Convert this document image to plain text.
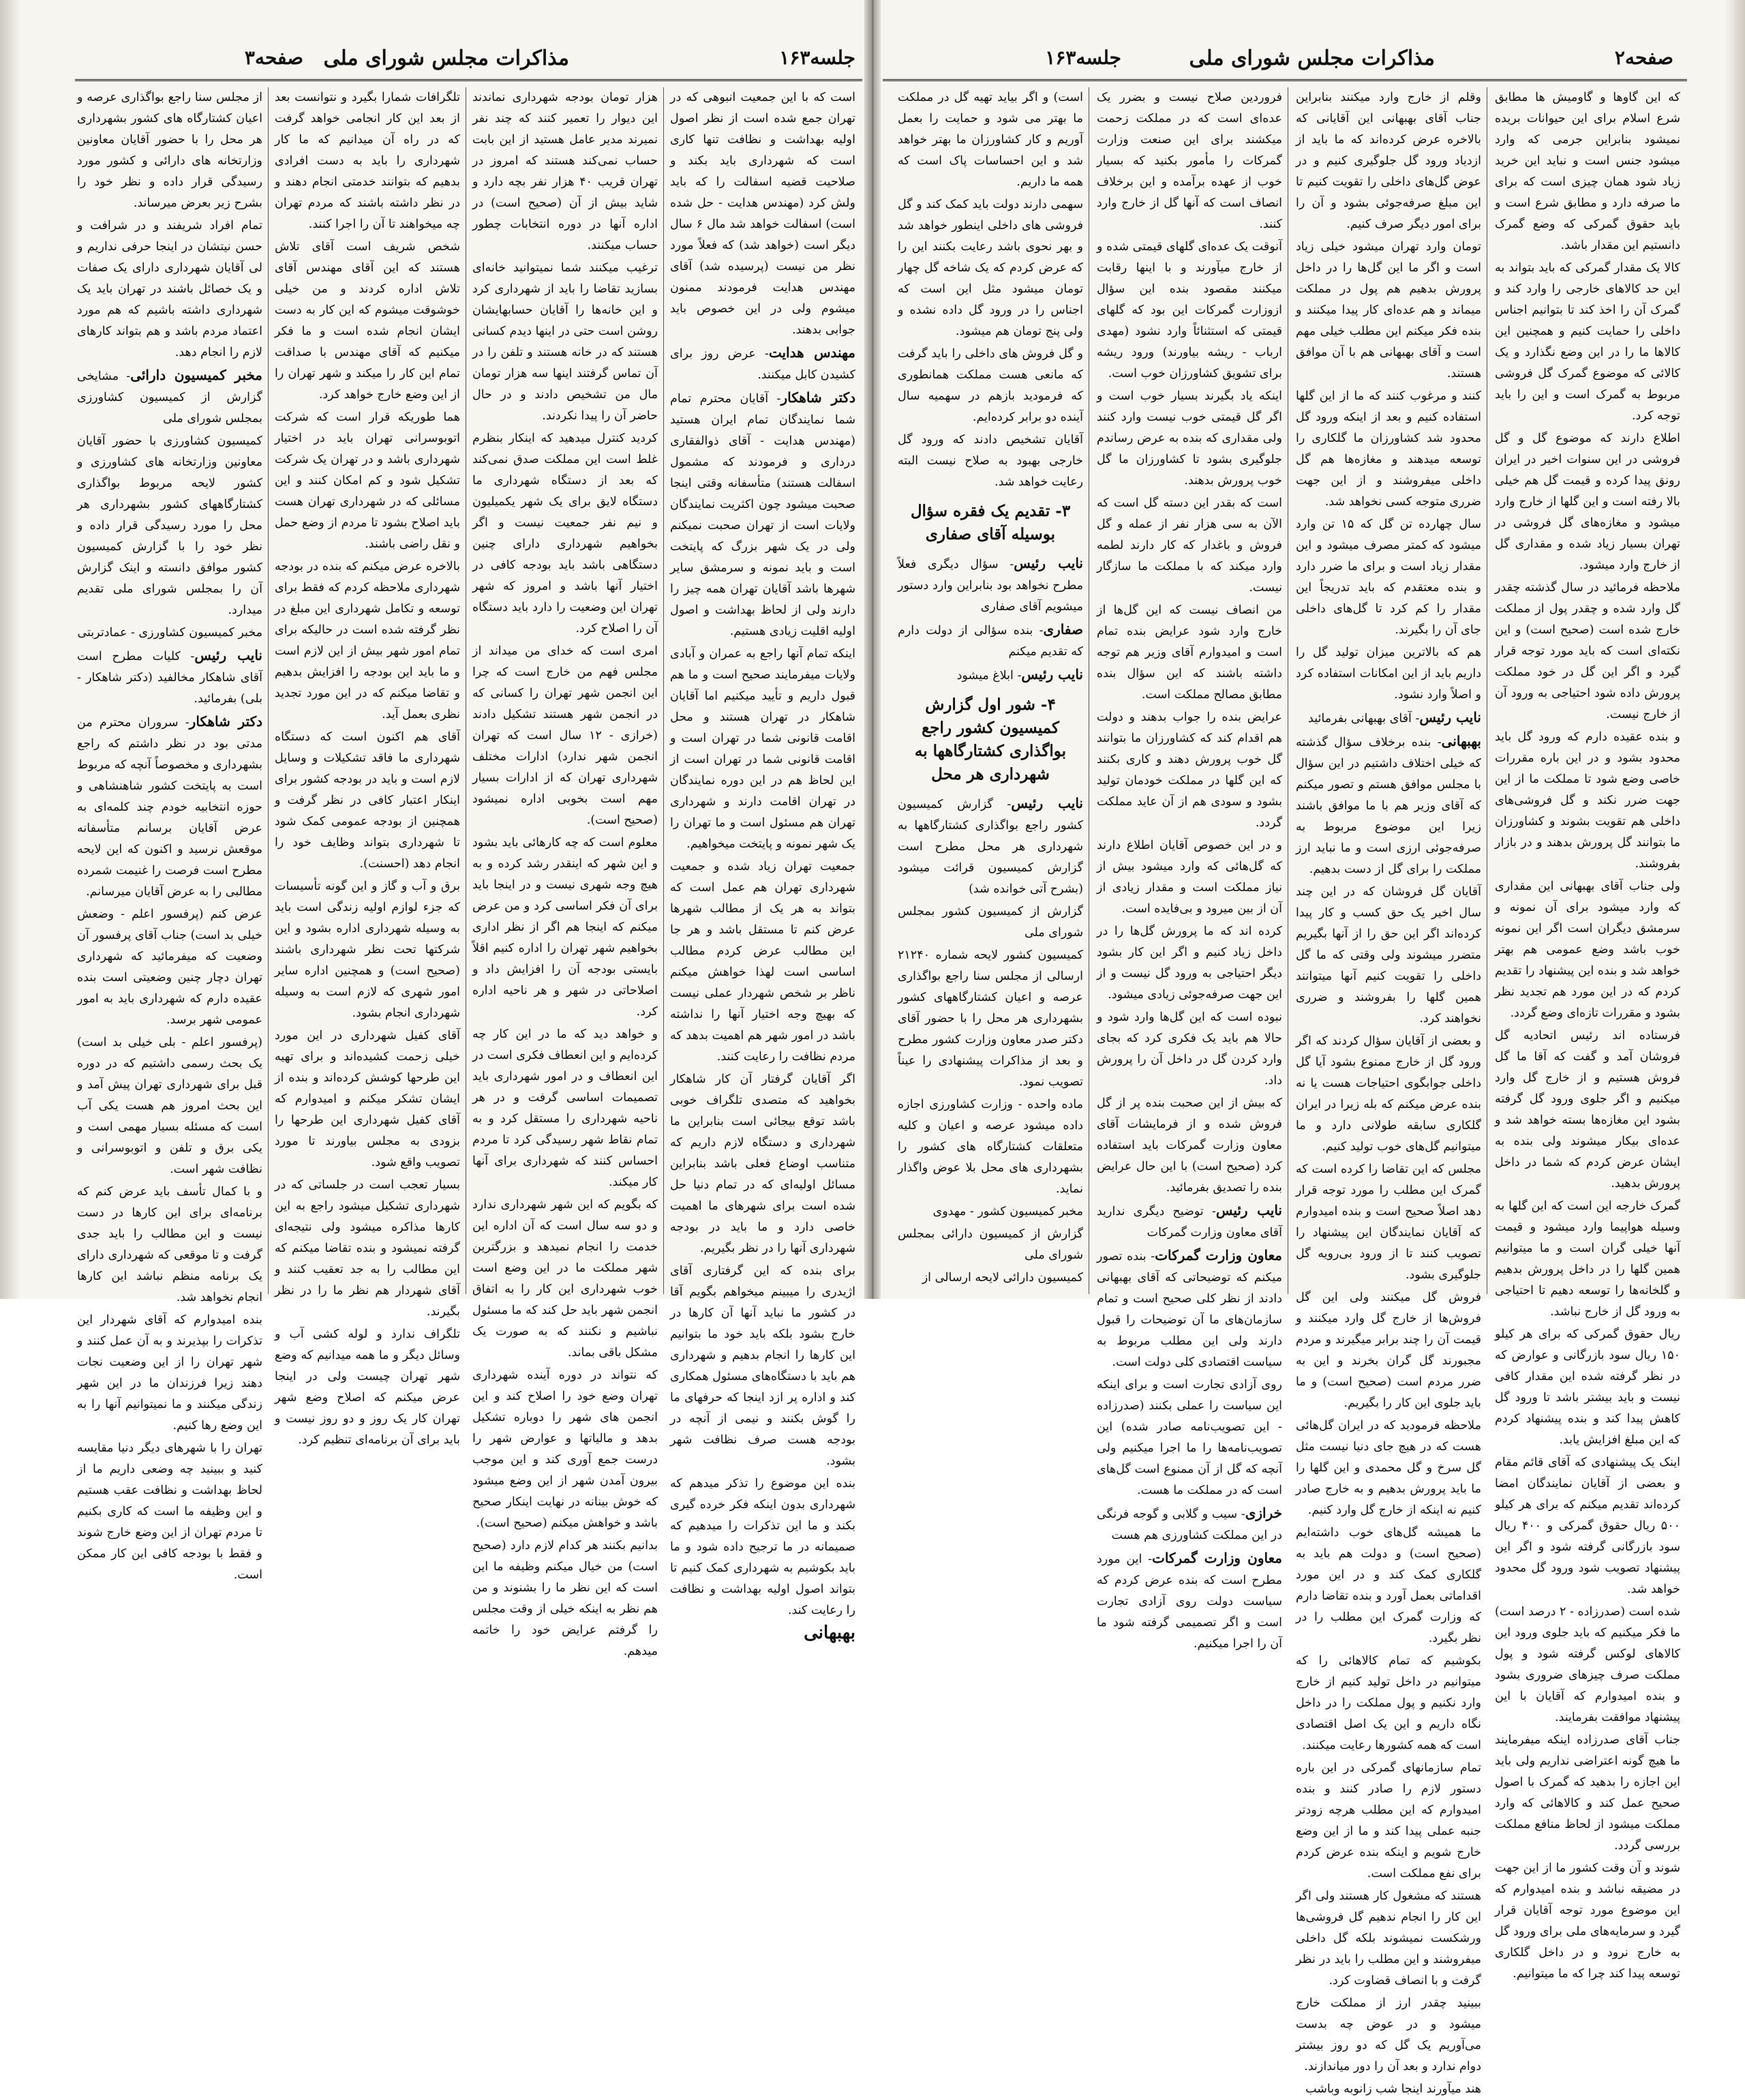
جلسه۱۶۳
مذاکرات مجلس شورای ملی
صفحه۳

است که با این جمعیت انبوهی که در تهران جمع شده است از نظر اصول اولیه بهداشت و نظافت تنها کاری است که شهرداری باید بکند و صلاحیت قضیه اسفالت را که باید ولش کرد (مهندس هدایت - حل شده است) اسفالت خواهد شد مال ۶ سال دیگر است (خواهد شد) که فعلاً مورد نظر من نیست (پرسیده شد) آقای مهندس هدایت فرمودند ممنون میشوم ولی در این خصوص باید جوابی بدهند.

مهندس هدایت- عرض روز برای کشیدن کابل میکنند.

دکتر شاهکار- آقایان محترم تمام شما نمایندگان تمام ایران هستید (مهندس هدایت - آقای ذوالفقاری درداری و فرمودند که مشمول اسفالت هستند) متأسفانه وقتی اینجا صحبت میشود چون اکثریت نمایندگان ولایات است از تهران صحبت نمیکنم ولی در یک شهر بزرگ که پایتخت است و باید نمونه و سرمشق سایر شهرها باشد آقایان تهران همه چیز را دارند ولی از لحاظ بهداشت و اصول اولیه اقلیت زیادی هستیم.

اینکه تمام آنها راجع به عمران و آبادی ولایات میفرمایند صحیح است و ما هم قبول داریم و تأیید میکنیم اما آقایان شاهکار در تهران هستند و محل اقامت قانونی شما در تهران است و اقامت قانونی شما در تهران است از این لحاظ هم در این دوره نمایندگان در تهران اقامت دارند و شهرداری تهران هم مسئول است و ما تهران را یک شهر نمونه و پایتخت میخواهیم.

جمعیت تهران زیاد شده و جمعیت شهرداری تهران هم عمل است که بتواند به هر یک از مطالب شهرها عرض کنم تا مستقل باشد و هر جا این مطالب عرض کردم مطالب اساسی است لهذا خواهش میکنم ناظر بر شخص شهردار عملی نیست که بهیچ وجه اختیار آنها را نداشته باشد در امور شهر هم اهمیت بدهد که مردم نظافت را رعایت کنند.

اگر آقایان گرفتار آن کار شاهکار بخواهید که متصدی تلگراف خوبی باشد توقع بیجائی است بنابراین ما شهرداری و دستگاه لازم داریم که متناسب اوضاع فعلی باشد بنابراین مسائل اولیه‌ای که در تمام دنیا حل شده است برای شهرهای ما اهمیت خاصی دارد و ما باید در بودجه شهرداری آنها را در نظر بگیریم.

برای بنده که این گرفتاری آقای اژیدری را میبینم میخواهم بگویم آقا در کشور ما نباید آنها آن کارها در خارج بشود بلکه باید خود ما بتوانیم این کارها را انجام بدهیم و شهرداری هم باید با دستگاه‌های مسئول همکاری کند و اداره پر ازد اینجا که حرفهای ما را گوش بکنند و نیمی از آنچه در بودجه هست صرف نظافت شهر بشود.

بنده این موضوع را تذکر میدهم که شهرداری بدون اینکه فکر خرده گیری بکند و ما این تذکرات را میدهیم که صمیمانه در ما ترجیح داده شود و ما باید بکوشیم به شهرداری کمک کنیم تا بتواند اصول اولیه بهداشت و نظافت را رعایت کند.

بهبهانی

هزار تومان بودجه شهرداری نماندند این دیوار را تعمیر کنند که چند نفر نمیرند مدیر عامل هستید از این بابت حساب نمی‌کند هستند که امروز در تهران قریب ۴۰ هزار نفر بچه دارد و شاید بیش از آن (صحیح است) در اداره آنها در دوره انتخابات چطور حساب میکنند.

ترغیب میکنند شما نمیتوانید خانه‌ای بسازید تقاضا را باید از شهرداری کرد و این خانه‌ها را آقایان حسابهایشان روشن است حتی در اینها دیدم کسانی هستند که در خانه هستند و تلفن را در آن تماس گرفتند اینها سه هزار تومان مال من تشخیص دادند و در حال حاضر آن را پیدا نکردند.

کردید کنترل میدهید که اینکار بنظرم غلط است این مملکت صدق نمی‌کند که بعد از دستگاه شهرداری ما دستگاه لایق برای یک شهر یکمیلیون و نیم نفر جمعیت نیست و اگر بخواهیم شهرداری دارای چنین دستگاهی باشد باید بودجه کافی در اختیار آنها باشد و امروز که شهر تهران این وضعیت را دارد باید دستگاه آن را اصلاح کرد.

امری است که خدای من میداند از مجلس فهم من خارج است که چرا این انجمن شهر تهران را کسانی که در انجمن شهر هستند تشکیل دادند (خرازی - ۱۲ سال است که تهران انجمن شهر ندارد) ادارات مختلف شهرداری تهران که از ادارات بسیار مهم است بخوبی اداره نمیشود (صحیح است).

معلوم است که چه کارهائی باید بشود و این شهر که اینقدر رشد کرده و به هیچ وجه شهری نیست و در اینجا باید برای آن فکر اساسی کرد و من عرض میکنم که اینجا هم اگر از نظر اداری بخواهیم شهر تهران را اداره کنیم اقلاً بایستی بودجه آن را افزایش داد و اصلاحاتی در شهر و هر ناحیه اداره کرد.

و خواهد دید که ما در این کار چه کرده‌ایم و این انعطاف فکری است در این انعطاف و در امور شهرداری باید تصمیمات اساسی گرفت و در هر ناحیه شهرداری را مستقل کرد و به تمام نقاط شهر رسیدگی کرد تا مردم احساس کنند که شهرداری برای آنها کار میکند.

که بگویم که این شهر شهرداری ندارد و دو سه سال است که آن اداره این خدمت را انجام نمیدهد و بزرگترین شهر مملکت ما در این وضع است خوب شهرداری این کار را به اتفاق انجمن شهر باید حل کند که ما مسئول نباشیم و نکنند که به صورت یک مشکل باقی بماند.

که نتواند در دوره آینده شهرداری تهران وضع خود را اصلاح کند و این انجمن های شهر را دوباره تشکیل بدهد و مالیاتها و عوارض شهر را درست جمع آوری کند و این موجب بیرون آمدن شهر از این وضع میشود که خوش بینانه در نهایت اینکار صحیح باشد و خواهش میکنم (صحیح است).

بدانیم بکنند هر کدام لازم دارد (صحیح است) من خیال میکنم وظیفه ما این است که این نظر ما را بشنوند و من هم نظر به اینکه خیلی از وقت مجلس را گرفتم عرایض خود را خاتمه میدهم.

تلگرافات شمارا بگیرد و نتوانست بعد از بعد این کار انجامی خواهد گرفت که در راه آن میدانیم که ما کار شهرداری را باید به دست افرادی بدهیم که بتوانند خدمتی انجام دهند و در نظر داشته باشند که مردم تهران چه میخواهند تا آن را اجرا کنند.

شخص شریف است آقای تلاش هستند که این آقای مهندس آقای تلاش اداره کردند و من خیلی خوشوقت میشوم که این کار به دست ایشان انجام شده است و ما فکر میکنیم که آقای مهندس با صداقت تمام این کار را میکند و شهر تهران را از این وضع خارج خواهد کرد.

هما طوریکه قرار است که شرکت اتوبوسرانی تهران باید در اختیار شهرداری باشد و در تهران یک شرکت تشکیل شود و کم امکان کنند و این مسائلی که در شهرداری تهران هست باید اصلاح بشود تا مردم از وضع حمل و نقل راضی باشند.

بالاخره عرض میکنم که بنده در بودجه شهرداری ملاحظه کردم که فقط برای توسعه و تکامل شهرداری این مبلغ در نظر گرفته شده است در حالیکه برای تمام امور شهر بیش از این لازم است و ما باید این بودجه را افزایش بدهیم و تقاضا میکنم که در این مورد تجدید نظری بعمل آید.

آقای هم اکنون است که دستگاه شهرداری ما فاقد تشکیلات و وسایل لازم است و باید در بودجه کشور برای اینکار اعتبار کافی در نظر گرفت و همچنین از بودجه عمومی کمک شود تا شهرداری بتواند وظایف خود را انجام دهد (احسنت).

برق و آب و گاز و این گونه تأسیسات که جزء لوازم اولیه زندگی است باید به وسیله شهرداری اداره بشود و این شرکتها تحت نظر شهرداری باشند (صحیح است) و همچنین اداره سایر امور شهری که لازم است به وسیله شهرداری انجام بشود.

آقای کفیل شهرداری در این مورد خیلی زحمت کشیده‌اند و برای تهیه این طرحها کوشش کرده‌اند و بنده از ایشان تشکر میکنم و امیدوارم که آقای کفیل شهرداری این طرحها را بزودی به مجلس بیاورند تا مورد تصویب واقع شود.

بسیار تعجب است در جلساتی که در شهرداری تشکیل میشود راجع به این کارها مذاکره میشود ولی نتیجه‌ای گرفته نمیشود و بنده تقاضا میکنم که این مطالب را به جد تعقیب کنند و آقای شهردار هم نظر ما را در نظر بگیرند.

تلگراف ندارد و لوله کشی آب و وسائل دیگر و ما همه میدانیم که وضع شهر تهران چیست ولی در اینجا عرض میکنم که اصلاح وضع شهر تهران کار یک روز و دو روز نیست و باید برای آن برنامه‌ای تنظیم کرد.

از مجلس سنا راجع بواگذاری عرصه و اعیان کشتارگاه های کشور بشهرداری هر محل را با حضور آقایان معاونین وزارتخانه های دارائی و کشور مورد رسیدگی قرار داده و نظر خود را بشرح زیر بعرض میرساند.

تمام افراد شریفند و در شرافت و حسن نیتشان در اینجا حرفی نداریم و لی آقایان شهرداری دارای یک صفات و یک خصائل باشند در تهران باید یک شهرداری داشته باشیم که هم مورد اعتماد مردم باشد و هم بتواند کارهای لازم را انجام دهد.

مخبر کمیسیون دارائی- مشایخی گزارش از کمیسیون کشاورزی بمجلس شورای ملی

کمیسیون کشاورزی با حضور آقایان معاونین وزارتخانه های کشاورزی و کشور لایحه مربوط بواگذاری کشتارگاههای کشور بشهرداری هر محل را مورد رسیدگی قرار داده و نظر خود را با گزارش کمیسیون کشور موافق دانسته و اینک گزارش آن را بمجلس شورای ملی تقدیم میدارد.

مخبر کمیسیون کشاورزی - عمادتربتی

نایب رئیس- کلیات مطرح است آقای شاهکار مخالفید (دکتر شاهکار - بلی) بفرمائید.

دکتر شاهکار- سروران محترم من مدتی بود در نظر داشتم که راجع بشهرداری و مخصوصاً آنچه که مربوط است به پایتخت کشور شاهنشاهی و حوزه انتخابیه خودم چند کلمه‌ای به عرض آقایان برسانم متأسفانه موقعش نرسید و اکنون که این لایحه مطرح است فرصت را غنیمت شمرده مطالبی را به عرض آقایان میرسانم.

عرض کنم (پرفسور اعلم - وضعش خیلی بد است) جناب آقای پرفسور آن وضعیت که میفرمائید که شهرداری تهران دچار چنین وضعیتی است بنده عقیده دارم که شهرداری باید به امور عمومی شهر برسد.

(پرفسور اعلم - بلی خیلی بد است) یک بحث رسمی داشتیم که در دوره قبل برای شهرداری تهران پیش آمد و این بحث امروز هم هست یکی آب است که مسئله بسیار مهمی است و یکی برق و تلفن و اتوبوسرانی و نظافت شهر است.

و با کمال تأسف باید عرض کنم که برنامه‌ای برای این کارها در دست نیست و این مطالب را باید جدی گرفت و تا موقعی که شهرداری دارای یک برنامه منظم نباشد این کارها انجام نخواهد شد.

بنده امیدوارم که آقای شهردار این تذکرات را بپذیرند و به آن عمل کنند و شهر تهران را از این وضعیت نجات دهند زیرا فرزندان ما در این شهر زندگی میکنند و ما نمیتوانیم آنها را به این وضع رها کنیم.

تهران را با شهرهای دیگر دنیا مقایسه کنید و ببینید چه وضعی داریم ما از لحاظ بهداشت و نظافت عقب هستیم و این وظیفه ما است که کاری بکنیم تا مردم تهران از این وضع خارج شوند و فقط با بودجه کافی این کار ممکن است.

صفحه۲
مذاکرات مجلس شورای ملی
جلسه۱۶۳

که این گاوها و گاومیش ها مطابق شرع اسلام برای این حیوانات بریده نمیشود بنابراین جرمی که وارد میشود جنس است و نباید این خرید زیاد شود همان چیزی است که برای ما صرفه دارد و مطابق شرع است و باید حقوق گمرکی که وضع گمرک دانستیم این مقدار باشد.

کالا یک مقدار گمرکی که باید بتواند به این حد کالاهای خارجی را وارد کند و گمرک آن را اخذ کند تا بتوانیم اجناس داخلی را حمایت کنیم و همچنین این کالاها ما را در این وضع نگذارد و یک کالائی که موضوع گمرک گل فروشی مربوط به گمرک است و این را باید توجه کرد.

اطلاع دارند که موضوع گل و گل فروشی در این سنوات اخیر در ایران رونق پیدا کرده و قیمت گل هم خیلی بالا رفته است و این گلها از خارج وارد میشود و مغازه‌های گل فروشی در تهران بسیار زیاد شده و مقداری گل از خارج وارد میشود.

ملاحظه فرمائید در سال گذشته چقدر گل وارد شده و چقدر پول از مملکت خارج شده است (صحیح است) و این نکته‌ای است که باید مورد توجه قرار گیرد و اگر این گل در خود مملکت پرورش داده شود احتیاجی به ورود آن از خارج نیست.

و بنده عقیده دارم که ورود گل باید محدود بشود و در این باره مقررات خاصی وضع شود تا مملکت ما از این جهت ضرر نکند و گل فروشی‌های داخلی هم تقویت بشوند و کشاورزان ما بتوانند گل پرورش بدهند و در بازار بفروشند.

ولی جناب آقای بهبهانی این مقداری که وارد میشود برای آن نمونه و سرمشق دیگران است اگر این نمونه خوب باشد وضع عمومی هم بهتر خواهد شد و بنده این پیشنهاد را تقدیم کردم که در این مورد هم تجدید نظر بشود و مقررات تازه‌ای وضع گردد.

فرستاده اند رئیس اتحادیه گل فروشان آمد و گفت که آقا ما گل فروش هستیم و از خارج گل وارد میکنیم و اگر جلوی ورود گل گرفته بشود این مغازه‌ها بسته خواهد شد و عده‌ای بیکار میشوند ولی بنده به ایشان عرض کردم که شما در داخل پرورش بدهید.

گمرک خارجه این است که این گلها به وسیله هواپیما وارد میشود و قیمت آنها خیلی گران است و ما میتوانیم همین گلها را در داخل پرورش بدهیم و گلخانه‌ها را توسعه دهیم تا احتیاجی به ورود گل از خارج نباشد.

ریال حقوق گمرکی که برای هر کیلو ۱۵۰ ریال سود بازرگانی و عوارض که در نظر گرفته شده این مقدار کافی نیست و باید بیشتر باشد تا ورود گل کاهش پیدا کند و بنده پیشنهاد کردم که این مبلغ افزایش یابد.

اینک یک پیشنهادی که آقای قائم مقام و بعضی از آقایان نمایندگان امضا کرده‌اند تقدیم میکنم که برای هر کیلو ۵۰۰ ریال حقوق گمرکی و ۴۰۰ ریال سود بازرگانی گرفته شود و اگر این پیشنهاد تصویب شود ورود گل محدود خواهد شد.

شده است (صدرزاده - ۲ درصد است) ما فکر میکنیم که باید جلوی ورود این کالاهای لوکس گرفته شود و پول مملکت صرف چیزهای ضروری بشود و بنده امیدوارم که آقایان با این پیشنهاد موافقت بفرمایند.

جناب آقای صدرزاده اینکه میفرمایند ما هیچ گونه اعتراضی نداریم ولی باید این اجازه را بدهید که گمرک با اصول صحیح عمل کند و کالاهائی که وارد مملکت میشود از لحاظ منافع مملکت بررسی گردد.

شوند و آن وقت کشور ما از این جهت در مضیقه نباشد و بنده امیدوارم که این موضوع مورد توجه آقایان قرار گیرد و سرمایه‌های ملی برای ورود گل به خارج نرود و در داخل گلکاری توسعه پیدا کند چرا که ما میتوانیم.

وقلم از خارج وارد میکنند بنابراین جناب آقای بهبهانی این آقایانی که بالاخره عرض کرده‌اند که ما باید از ازدیاد ورود گل جلوگیری کنیم و در عوض گل‌های داخلی را تقویت کنیم تا این مبلغ صرفه‌جوئی بشود و آن را برای امور دیگر صرف کنیم.

تومان وارد تهران میشود خیلی زیاد است و اگر ما این گل‌ها را در داخل پرورش بدهیم هم پول در مملکت میماند و هم عده‌ای کار پیدا میکنند و بنده فکر میکنم این مطلب خیلی مهم است و آقای بهبهانی هم با آن موافق هستند.

کنند و مرغوب کنند که ما از این گلها استفاده کنیم و بعد از اینکه ورود گل محدود شد کشاورزان ما گلکاری را توسعه میدهند و مغازه‌ها هم گل داخلی میفروشند و از این جهت ضرری متوجه کسی نخواهد شد.

سال چهارده تن گل که ۱۵ تن وارد میشود که کمتر مصرف میشود و این مقدار زیاد است و برای ما ضرر دارد و بنده معتقدم که باید تدریجاً این مقدار را کم کرد تا گل‌های داخلی جای آن را بگیرند.

هم که بالاترین میزان تولید گل را داریم باید از این امکانات استفاده کرد و اصلاً وارد نشود.

نایب رئیس- آقای بهبهانی بفرمائید

بهبهانی- بنده برخلاف سؤال گذشته که خیلی اختلاف داشتیم در این سؤال با مجلس موافق هستم و تصور میکنم که آقای وزیر هم با ما موافق باشند زیرا این موضوع مربوط به صرفه‌جوئی ارزی است و ما نباید ارز مملکت را برای گل از دست بدهیم.

آقایان گل فروشان که در این چند سال اخیر یک حق کسب و کار پیدا کرده‌اند اگر این حق را از آنها بگیریم متضرر میشوند ولی وقتی که ما گل داخلی را تقویت کنیم آنها میتوانند همین گلها را بفروشند و ضرری نخواهند کرد.

و بعضی از آقایان سؤال کردند که اگر ورود گل از خارج ممنوع بشود آیا گل داخلی جوابگوی احتیاجات هست یا نه بنده عرض میکنم که بله زیرا در ایران گلکاری سابقه طولانی دارد و ما میتوانیم گل‌های خوب تولید کنیم.

مجلس که این تقاضا را کرده است که گمرک این مطلب را مورد توجه قرار دهد اصلاً صحیح است و بنده امیدوارم که آقایان نمایندگان این پیشنهاد را تصویب کنند تا از ورود بی‌رویه گل جلوگیری بشود.

فروش گل میکنند ولی این گل فروش‌ها از خارج گل وارد میکنند و قیمت آن را چند برابر میگیرند و مردم مجبورند گل گران بخرند و این به ضرر مردم است (صحیح است) و ما باید جلوی این کار را بگیریم.

ملاحظه فرمودید که در ایران گل‌هائی هست که در هیچ جای دنیا نیست مثل گل سرخ و گل محمدی و این گلها را ما باید پرورش بدهیم و به خارج صادر کنیم نه اینکه از خارج گل وارد کنیم.

ما همیشه گل‌های خوب داشته‌ایم (صحیح است) و دولت هم باید به گلکاری کمک کند و در این مورد اقداماتی بعمل آورد و بنده تقاضا دارم که وزارت گمرک این مطلب را در نظر بگیرد.

بکوشیم که تمام کالاهائی را که میتوانیم در داخل تولید کنیم از خارج وارد نکنیم و پول مملکت را در داخل نگاه داریم و این یک اصل اقتصادی است که همه کشورها رعایت میکنند.

تمام سازمانهای گمرکی در این باره دستور لازم را صادر کنند و بنده امیدوارم که این مطلب هرچه زودتر جنبه عملی پیدا کند و ما از این وضع خارج شویم و اینکه بنده عرض کردم برای نفع مملکت است.

هستند که مشغول کار هستند ولی اگر این کار را انجام ندهیم گل فروشی‌ها ورشکست نمیشوند بلکه گل داخلی میفروشند و این مطلب را باید در نظر گرفت و با انصاف قضاوت کرد.

ببینید چقدر ارز از مملکت خارج میشود و در عوض چه بدست می‌آوریم یک گل که دو روز بیشتر دوام ندارد و بعد آن را دور میاندازند.

هند میآورند اینجا شب زانوبه وباشب

فروردین صلاح نیست و بضرر یک عده‌ای است که در مملکت زحمت میکشند برای این صنعت وزارت گمرکات را مأمور بکنید که بسیار خوب از عهده برآمده و این برخلاف انصاف است که آنها گل از خارج وارد کنند.

آنوقت یک عده‌ای گلهای قیمتی شده و از خارج میآورند و با اینها رقابت میکنند مقصود بنده این سؤال ازوزارت گمرکات این بود که گلهای قیمتی که استثنائاً وارد نشود (مهدی ارباب - ریشه بیاورند) ورود ریشه برای تشویق کشاورزان خوب است.

اینکه یاد بگیرند بسیار خوب است و اگر گل قیمتی خوب نیست وارد کنند ولی مقداری که بنده به عرض رساندم جلوگیری بشود تا کشاورزان ما گل خوب پرورش بدهند.

است که بقدر این دسته گل است که الآن به سی هزار نفر از عمله و گل فروش و باغدار که کار دارند لطمه وارد میکند که با مملکت ما سازگار نیست.

من انصاف نیست که این گل‌ها از خارج وارد شود عرایض بنده تمام است و امیدوارم آقای وزیر هم توجه داشته باشند که این سؤال بنده مطابق مصالح مملکت است.

عرایض بنده را جواب بدهند و دولت هم اقدام کند که کشاورزان ما بتوانند گل خوب پرورش دهند و کاری بکنند که این گلها در مملکت خودمان تولید بشود و سودی هم از آن عاید مملکت گردد.

و در این خصوص آقایان اطلاع دارند که گل‌هائی که وارد میشود بیش از نیاز مملکت است و مقدار زیادی از آن از بین میرود و بی‌فایده است.

کرده اند که ما پرورش گل‌ها را در داخل زیاد کنیم و اگر این کار بشود دیگر احتیاجی به ورود گل نیست و از این جهت صرفه‌جوئی زیادی میشود.

نبوده است که این گل‌ها وارد شود و حالا هم باید یک فکری کرد که بجای وارد کردن گل در داخل آن را پرورش داد.

که بیش از این صحبت بنده پر از گل فروش شده و از فرمایشات آقای معاون وزارت گمرکات باید استفاده کرد (صحیح است) با این حال عرایض بنده را تصدیق بفرمائید.

نایب رئیس- توضیح دیگری ندارید آقای معاون وزارت گمرکات

معاون وزارت گمرکات- بنده تصور میکنم که توضیحاتی که آقای بهبهانی دادند از نظر کلی صحیح است و تمام سازمان‌های ما آن توضیحات را قبول دارند ولی این مطلب مربوط به سیاست اقتصادی کلی دولت است.

روی آزادی تجارت است و برای اینکه این سیاست را عملی بکنند (صدرزاده - این تصویب‌نامه صادر شده) این تصویب‌نامه‌ها را ما اجرا میکنیم ولی آنچه که گل از آن ممنوع است گل‌های است که در مملکت ما هست.

خرازی- سیب و گلابی و گوجه فرنگی در این مملکت کشاورزی هم هست

معاون وزارت گمرکات- این مورد مطرح است که بنده عرض کردم که سیاست دولت روی آزادی تجارت است و اگر تصمیمی گرفته شود ما آن را اجرا میکنیم.

است) و اگر بیاید تهیه گل در مملکت ما بهتر می شود و حمایت را بعمل آوریم و کار کشاورزان ما بهتر خواهد شد و این احساسات پاک است که همه ما داریم.

سهمی دارند دولت باید کمک کند و گل فروشی های داخلی اینطور خواهد شد و بهر نحوی باشد رعایت بکنند این را که عرض کردم که یک شاخه گل چهار تومان میشود مثل این است که اجناس را در ورود گل داده نشده و ولی پنج تومان هم میشود.

و گل فروش های داخلی را باید گرفت که مانعی هست مملکت همانطوری که فرمودید بازهم در سهمیه سال آینده دو برابر کرده‌ایم.

آقایان تشخیص دادند که ورود گل خارجی بهبود به صلاح نیست البته رعایت خواهد شد.

۳- تقدیم یک فقره سؤال بوسیله آقای صفاری

نایب رئیس- سؤال دیگری فعلاً مطرح نخواهد بود بنابراین وارد دستور میشویم آقای صفاری

صفاری- بنده سؤالی از دولت دارم که تقدیم میکنم

نایب رئیس- ابلاغ میشود

۴- شور اول گزارش کمیسیون کشور راجع بواگذاری کشتارگاهها به شهرداری هر محل

نایب رئیس- گزارش کمیسیون کشور راجع بواگذاری کشتارگاهها به شهرداری هر محل مطرح است گزارش کمیسیون قرائت میشود (بشرح آتی خوانده شد)

گزارش از کمیسیون کشور بمجلس شورای ملی

کمیسیون کشور لایحه شماره ۲۱۲۴۰ ارسالی از مجلس سنا راجع بواگذاری عرصه و اعیان کشتارگاههای کشور بشهرداری هر محل را با حضور آقای دکتر صدر معاون وزارت کشور مطرح و بعد از مذاکرات پیشنهادی را عیناً تصویب نمود.

ماده واحده - وزارت کشاورزی اجازه داده میشود عرصه و اعیان و کلیه متعلقات کشتارگاه های کشور را بشهرداری های محل بلا عوض واگذار نماید.

مخبر کمیسیون کشور - مهدوی

گزارش از کمیسیون دارائی بمجلس شورای ملی

کمیسیون دارائی لایحه ارسالی از
